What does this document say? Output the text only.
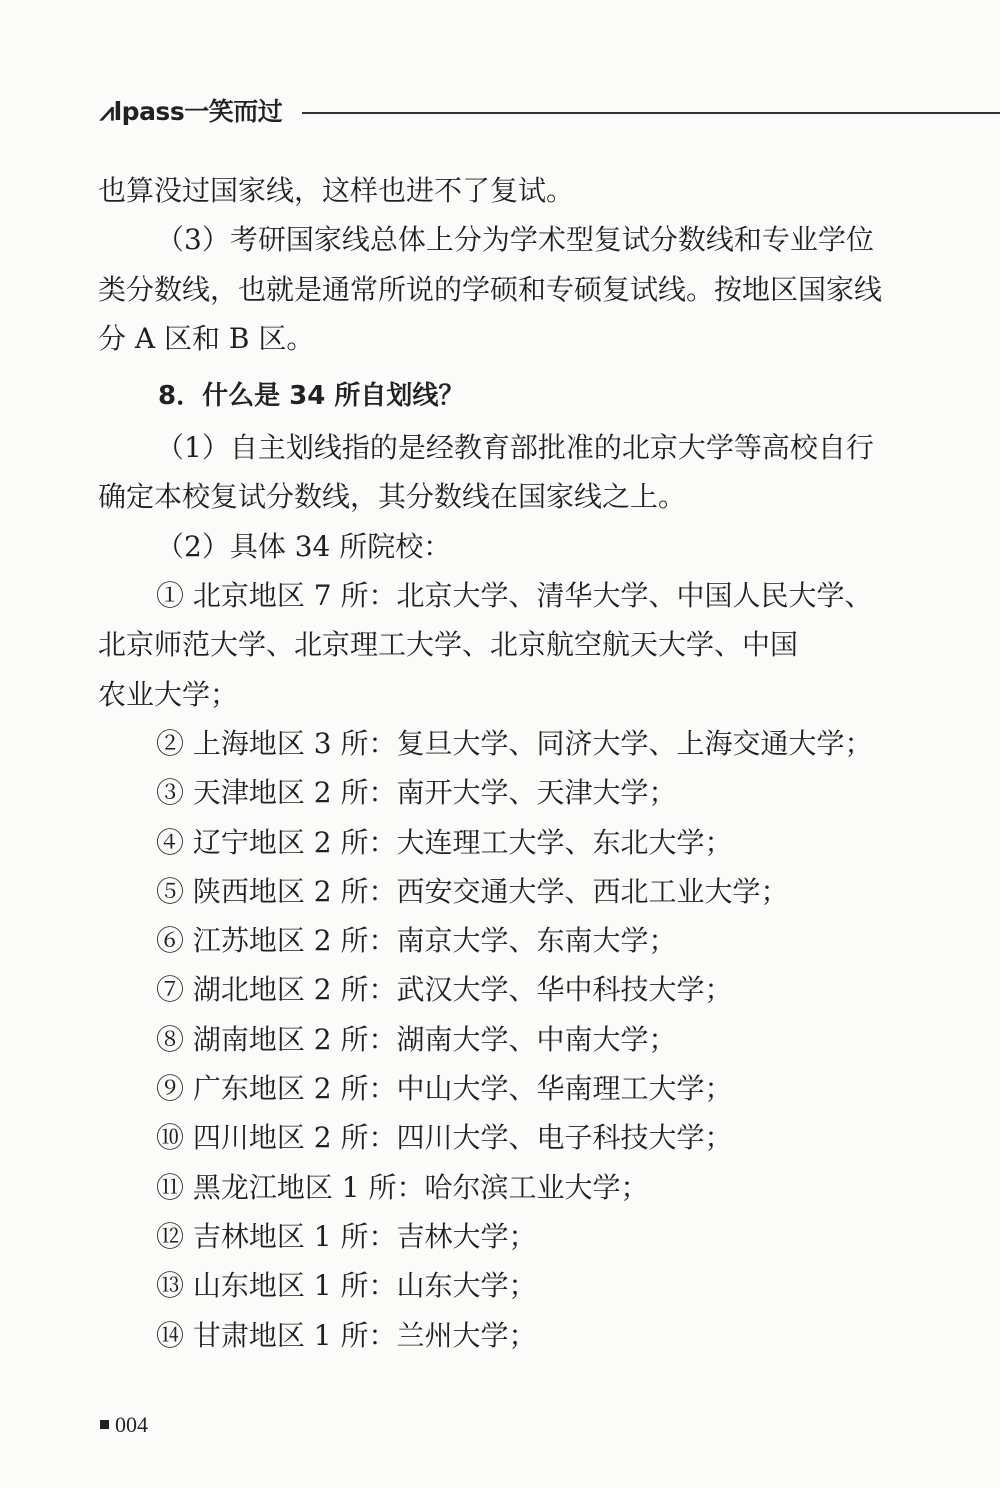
⩘lpass一笑而过

也算没过国家线，这样也进不了复试。

（3）考研国家线总体上分为学术型复试分数线和专业学位类分数线，也就是通常所说的学硕和专硕复试线。按地区国家线分 A 区和 B 区。

8．什么是 34 所自划线？

（1）自主划线指的是经教育部批准的北京大学等高校自行确定本校复试分数线，其分数线在国家线之上。

（2）具体 34 所院校：

① 北京地区 7 所：北京大学、清华大学、中国人民大学、

北京师范大学、北京理工大学、北京航空航天大学、中国

农业大学；

② 上海地区 3 所：复旦大学、同济大学、上海交通大学；

③ 天津地区 2 所：南开大学、天津大学；

④ 辽宁地区 2 所：大连理工大学、东北大学；

⑤ 陕西地区 2 所：西安交通大学、西北工业大学；

⑥ 江苏地区 2 所：南京大学、东南大学；

⑦ 湖北地区 2 所：武汉大学、华中科技大学；

⑧ 湖南地区 2 所：湖南大学、中南大学；

⑨ 广东地区 2 所：中山大学、华南理工大学；

⑩ 四川地区 2 所：四川大学、电子科技大学；

⑪ 黑龙江地区 1 所：哈尔滨工业大学；

⑫ 吉林地区 1 所：吉林大学；

⑬ 山东地区 1 所：山东大学；

⑭ 甘肃地区 1 所：兰州大学；

004
